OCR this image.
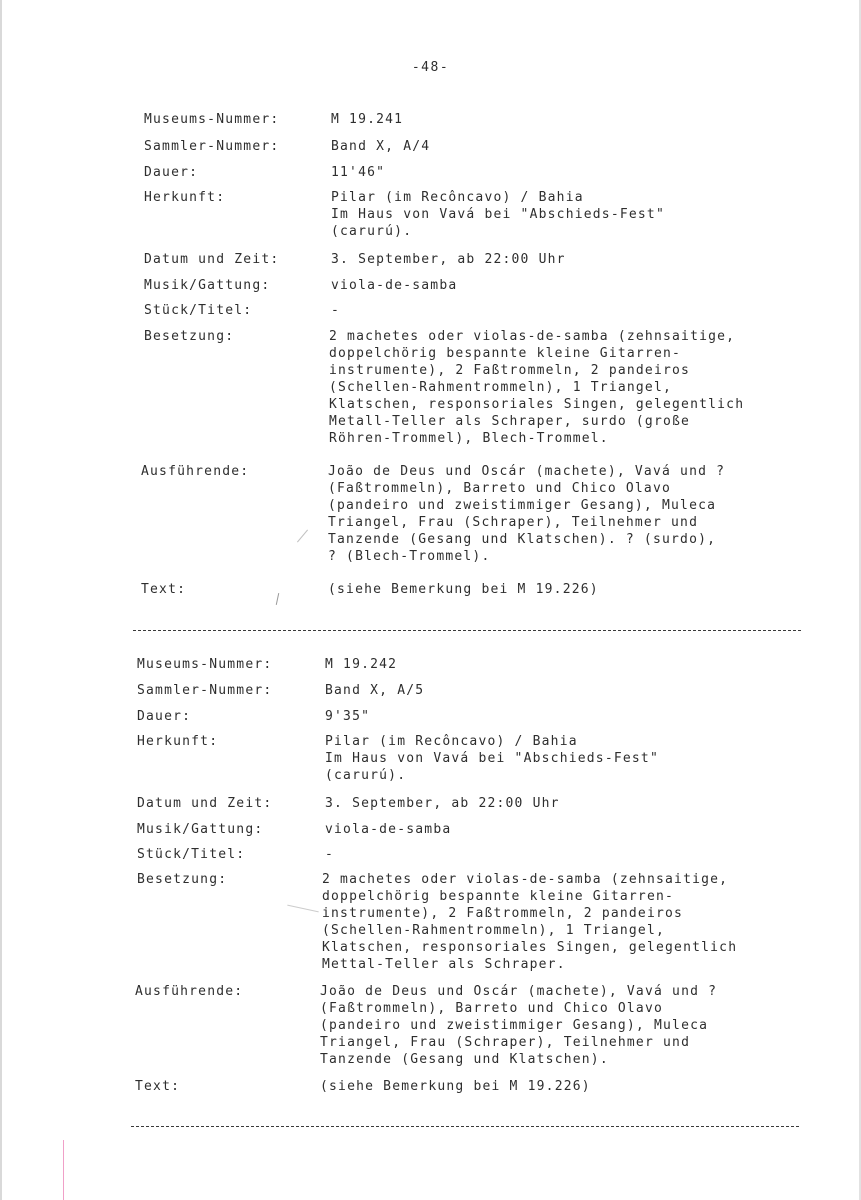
-48-
Museums-Nummer:	M 19.241
Sammler-Nummer:	Band X, A/4
Dauer:	11'46"
Herkunft:	Pilar (im Recôncavo) / Bahia
Im Haus von Vavá bei "Abschieds-Fest"
(carurú).
Datum und Zeit:	3. September, ab 22:00 Uhr
Musik/Gattung:	viola-de-samba
Stück/Titel:	-
Besetzung:	2 machetes oder violas-de-samba (zehnsaitige,
doppelchörig bespannte kleine Gitarren-
instrumente), 2 Faßtrommeln, 2 pandeiros
(Schellen-Rahmentrommeln), 1 Triangel,
Klatschen, responsoriales Singen, gelegentlich
Metall-Teller als Schraper, surdo (große
Röhren-Trommel), Blech-Trommel.
Ausführende:	João de Deus und Oscár (machete), Vavá und ?
(Faßtrommeln), Barreto und Chico Olavo
(pandeiro und zweistimmiger Gesang), Muleca
Triangel, Frau (Schraper), Teilnehmer und
Tanzende (Gesang und Klatschen). ? (surdo),
? (Blech-Trommel).
Text:	(siehe Bemerkung bei M 19.226)
Museums-Nummer:	M 19.242
Sammler-Nummer:	Band X, A/5
Dauer:	9'35"
Herkunft:	Pilar (im Recôncavo) / Bahia
Im Haus von Vavá bei "Abschieds-Fest"
(carurú).
Datum und Zeit:	3. September, ab 22:00 Uhr
Musik/Gattung:	viola-de-samba
Stück/Titel:	-
Besetzung:	2 machetes oder violas-de-samba (zehnsaitige,
doppelchörig bespannte kleine Gitarren-
instrumente), 2 Faßtrommeln, 2 pandeiros
(Schellen-Rahmentrommeln), 1 Triangel,
Klatschen, responsoriales Singen, gelegentlich
Mettal-Teller als Schraper.
Ausführende:	João de Deus und Oscár (machete), Vavá und ?
(Faßtrommeln), Barreto und Chico Olavo
(pandeiro und zweistimmiger Gesang), Muleca
Triangel, Frau (Schraper), Teilnehmer und
Tanzende (Gesang und Klatschen).
Text:	(siehe Bemerkung bei M 19.226)
